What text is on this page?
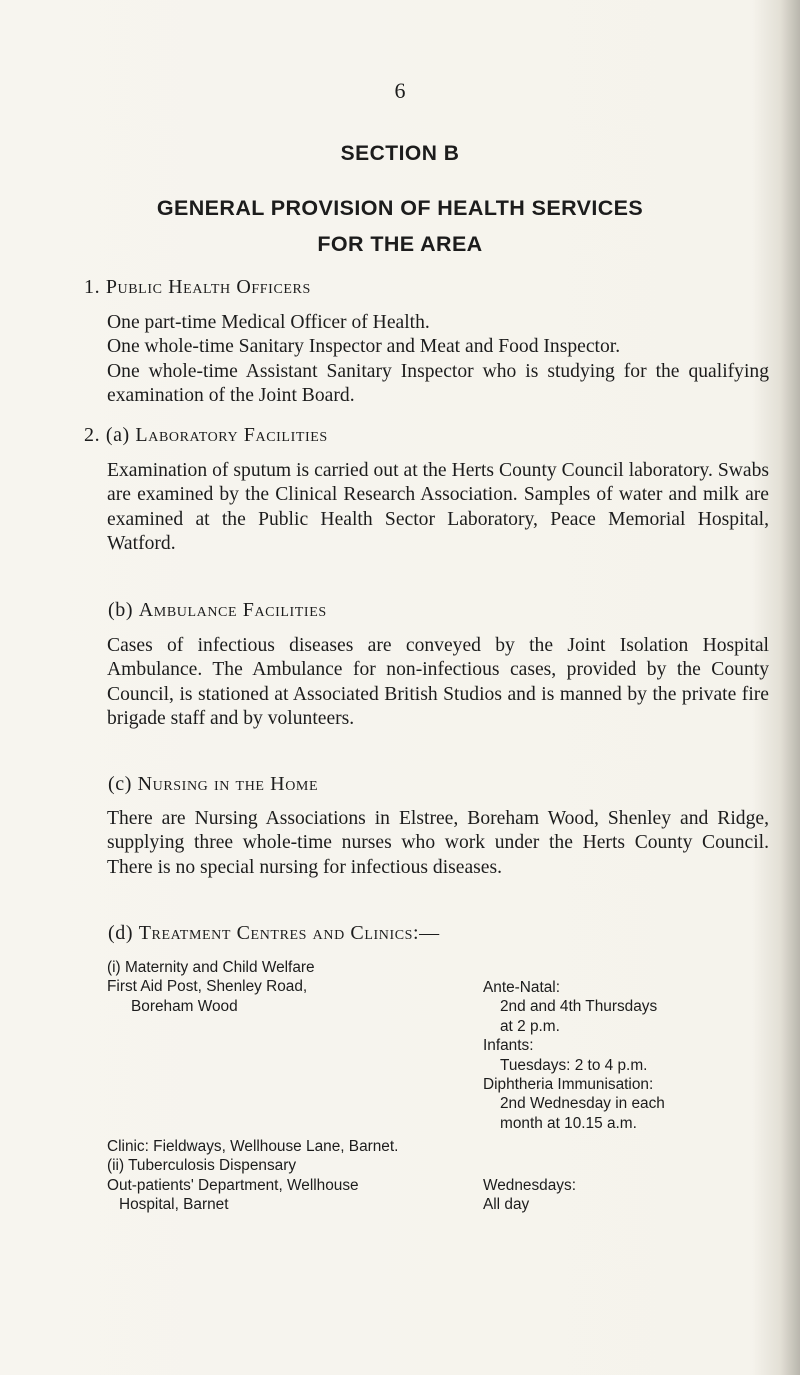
6
SECTION B
GENERAL PROVISION OF HEALTH SERVICES
FOR THE AREA
1. Public Health Officers

One part-time Medical Officer of Health.

One whole-time Sanitary Inspector and Meat and Food Inspector.

One whole-time Assistant Sanitary Inspector who is studying for the qualifying examination of the Joint Board.

2. (a) Laboratory Facilities

Examination of sputum is carried out at the Herts County Council laboratory. Swabs are examined by the Clinical Research Association. Samples of water and milk are examined at the Public Health Sector Laboratory, Peace Memorial Hospital, Watford.

(b) Ambulance Facilities

Cases of infectious diseases are conveyed by the Joint Isolation Hospital Ambulance. The Ambulance for non-infectious cases, provided by the County Council, is stationed at Associated British Studios and is manned by the private fire brigade staff and by volunteers.

(c) Nursing in the Home

There are Nursing Associations in Elstree, Boreham Wood, Shenley and Ridge, supplying three whole-time nurses who work under the Herts County Council. There is no special nursing for infectious diseases.

(d) Treatment Centres and Clinics:—
(i) Maternity and Child Welfare
First Aid Post, Shenley Road,
Boreham Wood
Ante-Natal:
2nd and 4th Thursdays
at 2 p.m.
Infants:
Tuesdays: 2 to 4 p.m.
Diphtheria Immunisation:
2nd Wednesday in each
month at 10.15 a.m.
Clinic: Fieldways, Wellhouse Lane, Barnet.
(ii) Tuberculosis Dispensary
Out-patients' Department, Wellhouse
Hospital, Barnet
Wednesdays:
All day
